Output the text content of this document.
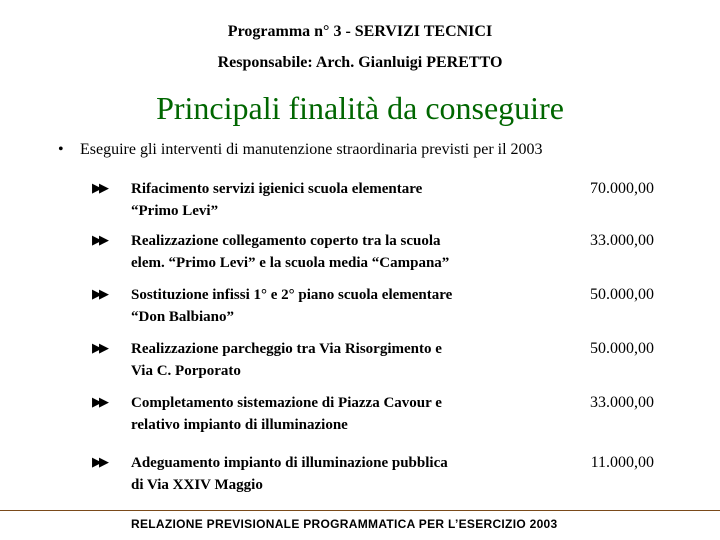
Programma n° 3 - SERVIZI TECNICI
Responsabile: Arch. Gianluigi PERETTO
Principali finalità da conseguire
• Eseguire gli interventi di manutenzione straordinaria previsti per il 2003
▶▶ Rifacimento servizi igienici scuola elementare
“Primo Levi”
70.000,00
▶▶ Realizzazione collegamento coperto tra la scuola
elem. “Primo Levi” e la scuola media “Campana”
33.000,00
▶▶ Sostituzione infissi 1° e 2° piano scuola elementare
“Don Balbiano”
50.000,00
▶▶ Realizzazione parcheggio tra Via Risorgimento e
Via C. Porporato
50.000,00
▶▶ Completamento sistemazione di Piazza Cavour e
relativo impianto di illuminazione
33.000,00
▶▶ Adeguamento impianto di illuminazione pubblica
di Via XXIV Maggio
11.000,00
RELAZIONE PREVISIONALE PROGRAMMATICA PER L’ESERCIZIO 2003
